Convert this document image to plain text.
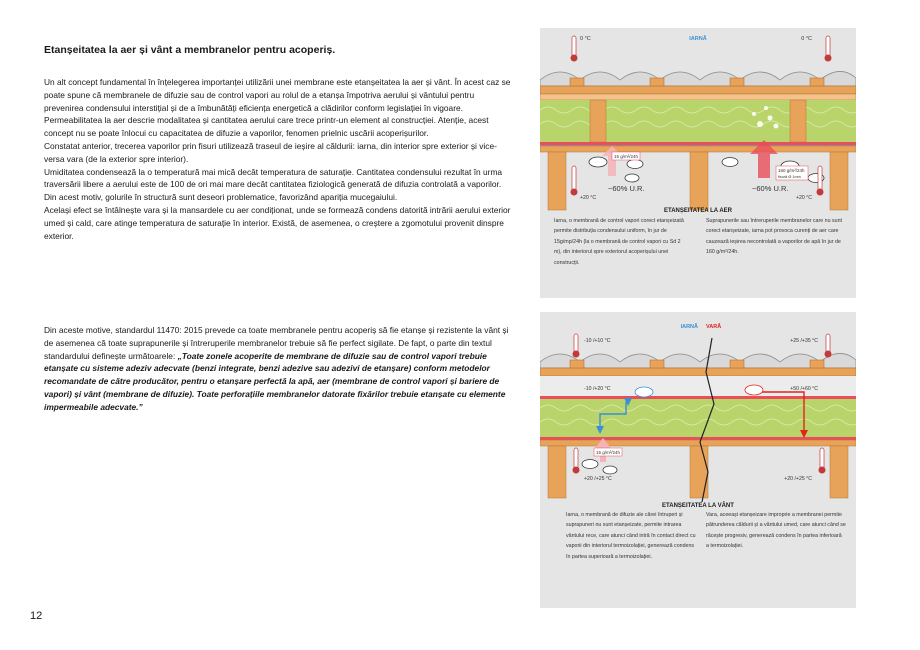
Etanșeitatea la aer și vânt a membranelor pentru acoperiș.

Un alt concept fundamental în înțelegerea importanței utilizării unei membrane este etanșeitatea la aer și vânt. În acest caz se poate spune că membranele de difuzie sau de control vapori au rolul de a etanșa împotriva aerului și vântului pentru prevenirea condensului interstițial și de a îmbunătăți eficiența energetică a clădirilor conform legislației în vigoare.

Permeabilitatea la aer descrie modalitatea și cantitatea aerului care trece printr-un element al construcției. Atenție, acest concept nu se poate înlocui cu capacitatea de difuzie a vaporilor, fenomen prielnic uscării acoperișurilor.

Constatat anterior, trecerea vaporilor prin fisuri utilizează traseul de ieșire al căldurii: iarna, din interior spre exterior și vice-versa vara (de la exterior spre interior).

Umiditatea condensează la o temperatură mai mică decât temperatura de saturație. Cantitatea condensului rezultat în urma traversării libere a aerului este de 100 de ori mai mare decât cantitatea fiziologică generată de difuzia controlată a vaporilor.

Din acest motiv, golurile în structură sunt deseori problematice, favorizând apariția mucegaiului.

Același efect se întâlnește vara și la mansardele cu aer condiționat, unde se formează condens datorită intrării aerului exterior umed și cald, care atinge temperatura de saturație în interior. Există, de asemenea, o creștere a zgomotului provenit dinspre exterior.

Din aceste motive, standardul 11470: 2015 prevede ca toate membranele pentru acoperiș să fie etanșe și rezistente la vânt și de asemenea că toate suprapunerile și întreruperile membranelor trebuie să fie perfect sigilate. De fapt, o parte din textul standardului definește următoarele: „Toate zonele acoperite de membrane de difuzie sau de control vapori trebuie etanșate cu sisteme adeziv adecvate (benzi integrate, benzi adezive sau adezivi de etanșare) conform metodelor recomandate de către producător, pentru o etanșare perfectă la apă, aer (membrane de control vapori și bariere de vapori) și vânt (membrane de difuzie). Toate perforațiile membranelor datorate fixărilor trebuie etanșate cu elemente impermeabile adecvate.”

12
0 °C	0 °C
IARNĂ
15 g/m²/24h
160 g/m²/24h
fisură Ø 1mm
~60% U.R.	~60% U.R.
+20 °C	+20 °C
ETANȘEITATEA LA AER

Iarna, o membrană de control vapori corect etanșeizată permite distribuția condensului uniform, în jur de 15g/mp/24h (la o membrană de control vapori cu Sd 2 m), din interiorul spre exteriorul acoperișului unei construcții.

Suprapunerile sau întreruperile membranelor care nu sunt corect etanșeizate, iarna pot provoca curenți de aer care cauzează ieșirea necontrolată a vaporilor de apă în jur de 160 g/m²/24h.

IARNĂ VARĂ
-10 /+10 °C	+25 /+35 °C
-10 /+20 °C	+50 /+60 °C
15 g/m²/24h
+20 /+25 °C	+20 /+25 °C
ETANȘEITATEA LA VÂNT

Iarna, o membrană de difuzie ale cărei întruperi și suprapuneri nu sunt etanșeizate, permite intrarea vântului rece, care atunci când intră în contact direct cu vaporii din interiorul termoizolației, generează condens în partea superioară a termoizolației.

Vara, aceeași etanșeizare improprie a membranei permite pătrunderea căldurii și a vântului umed, care atunci când se răcește progresiv, generează condens în partea inferioară a termoizolației.
